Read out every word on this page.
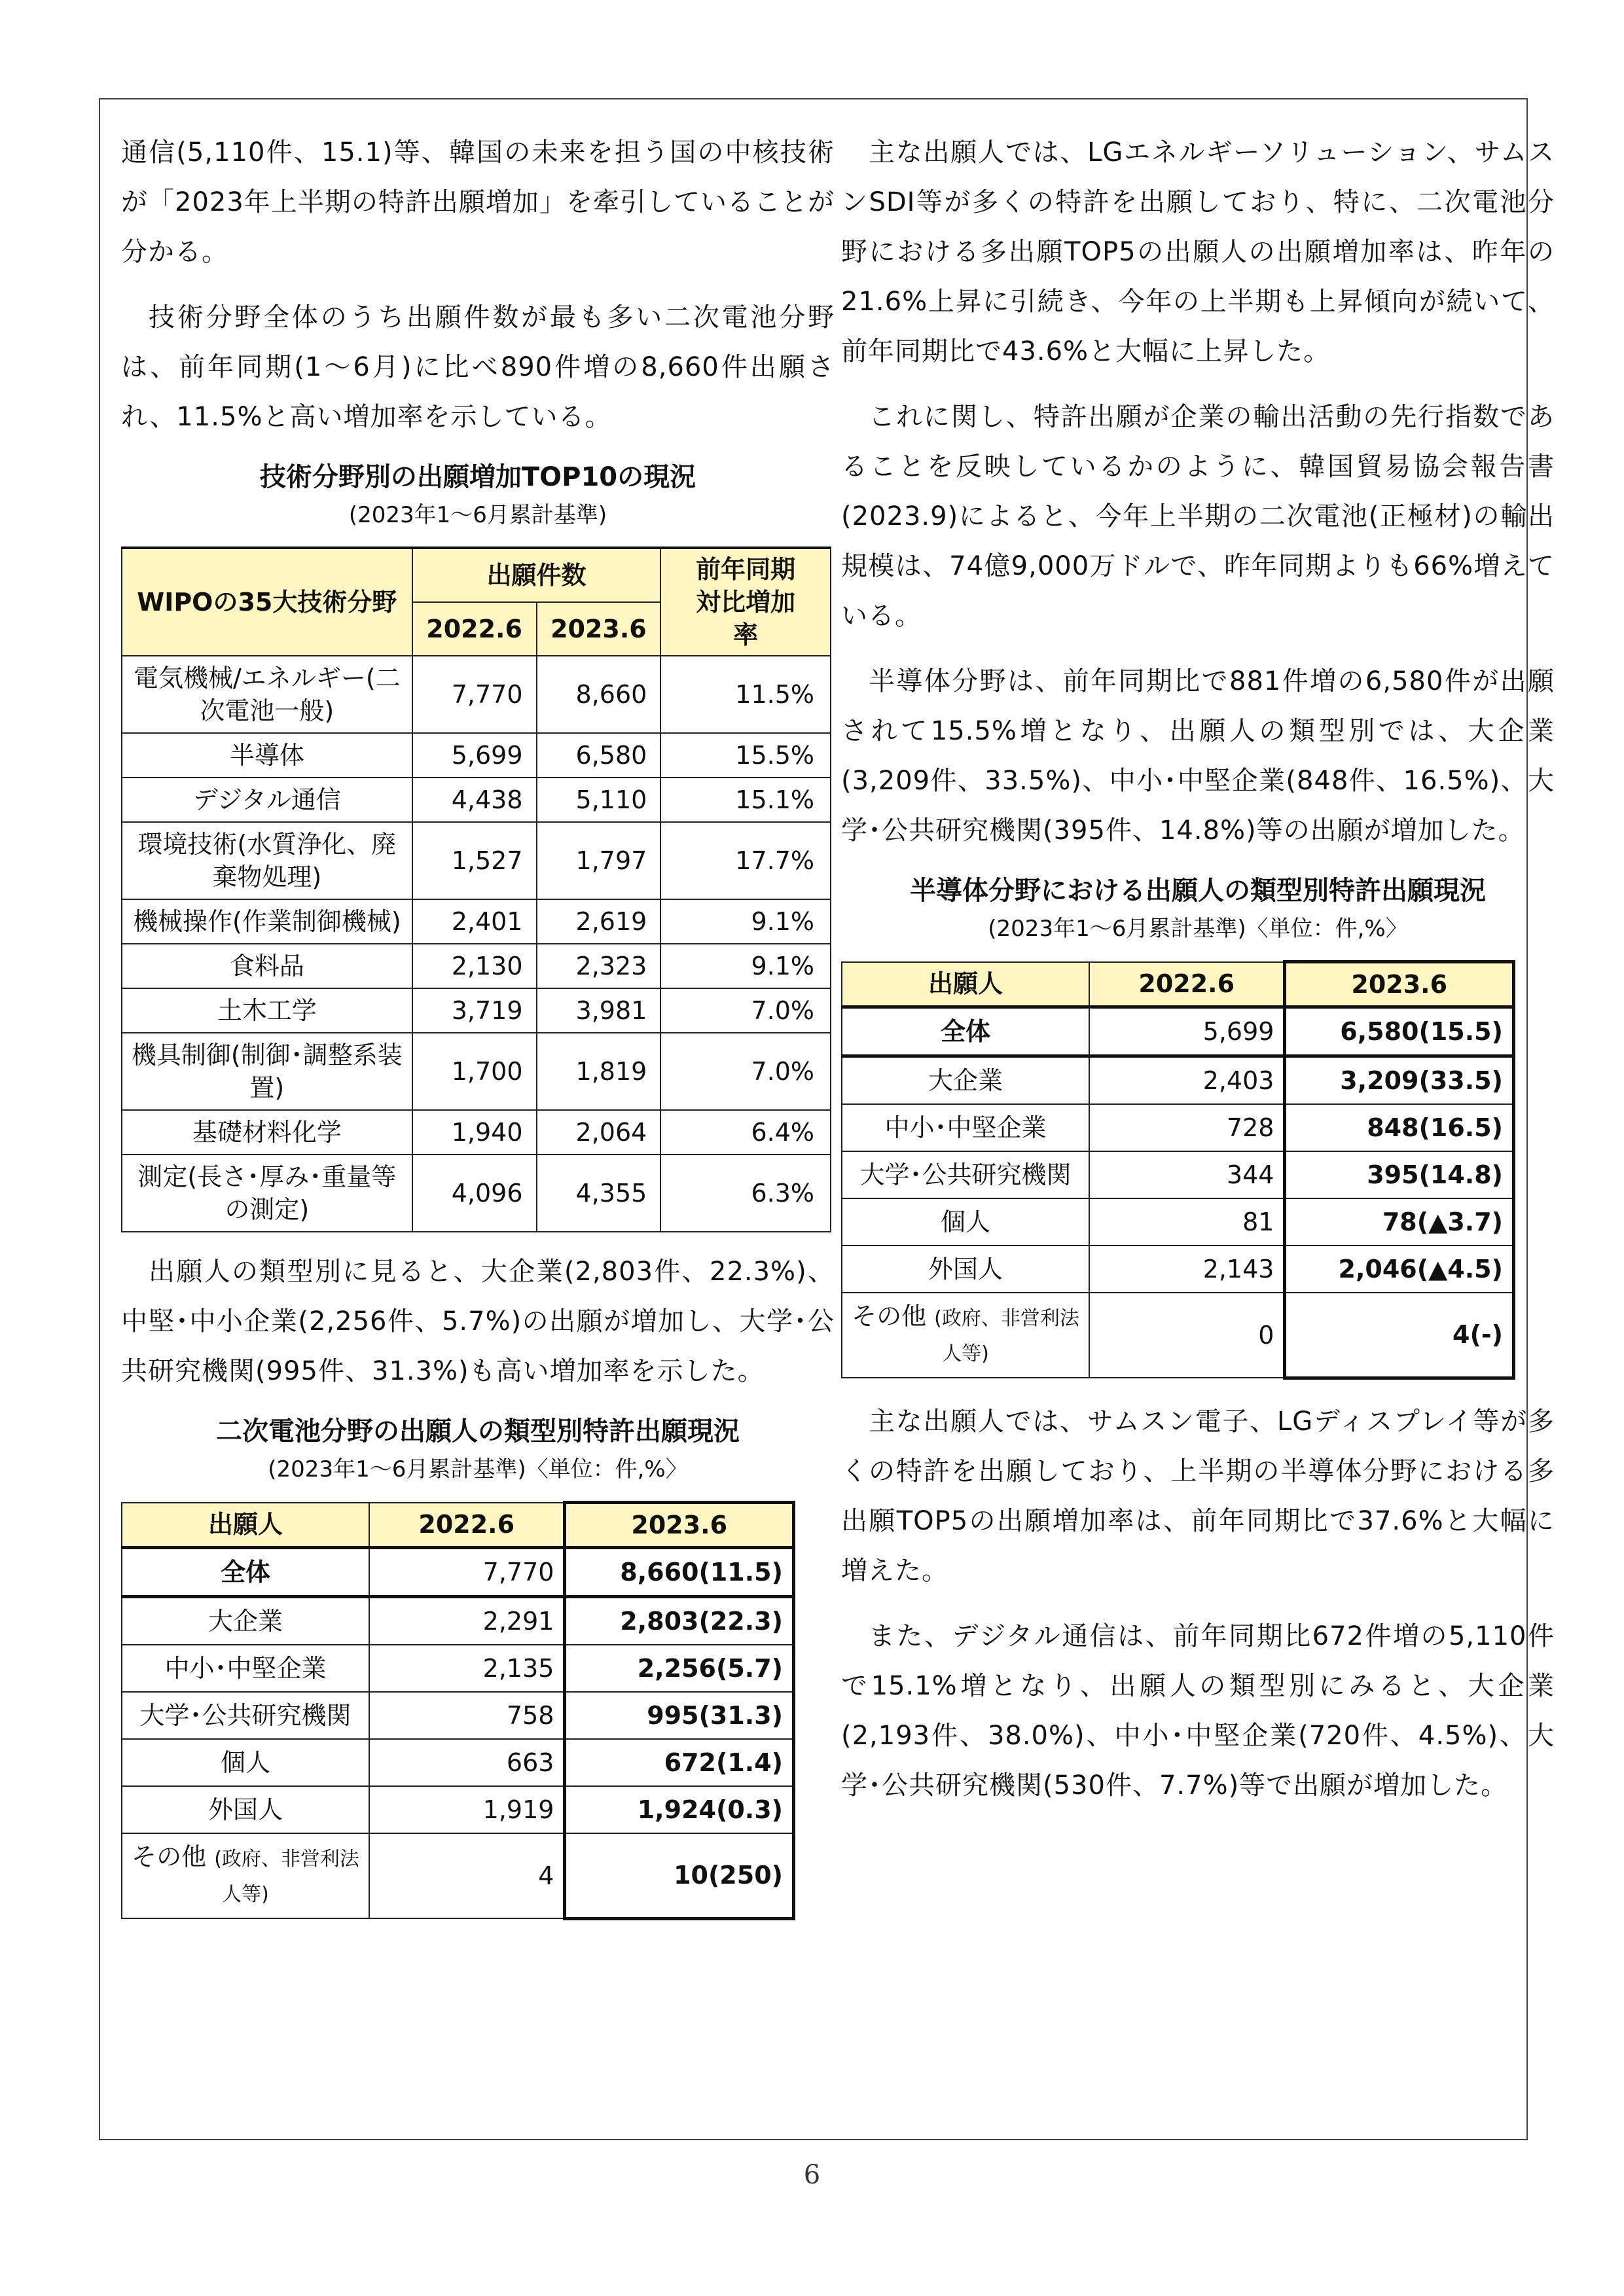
通信(5,110件、15.1)等、韓国の未来を担う国の中核技術が「2023年上半期の特許出願増加」を牽引していることが分かる。

技術分野全体のうち出願件数が最も多い二次電池分野は、前年同期(1～6月)に比べ890件増の8,660件出願され、11.5%と高い増加率を示している。

技術分野別の出願増加TOP10の現況
(2023年1～6月累計基準)
WIPOの35大技術分野	出願件数		前年同期対比増加率
	2022.6	2023.6	
電気機械/エネルギー(二次電池一般)	7,770	8,660	11.5%
半導体	5,699	6,580	15.5%
デジタル通信	4,438	5,110	15.1%
環境技術(水質浄化、廃棄物処理)	1,527	1,797	17.7%
機械操作(作業制御機械)	2,401	2,619	9.1%
食料品	2,130	2,323	9.1%
土木工学	3,719	3,981	7.0%
機具制御(制御･調整系装置)	1,700	1,819	7.0%
基礎材料化学	1,940	2,064	6.4%
測定(長さ･厚み･重量等の測定)	4,096	4,355	6.3%

出願人の類型別に見ると、大企業(2,803件、22.3%)、中堅･中小企業(2,256件、5.7%)の出願が増加し、大学･公共研究機関(995件、31.3%)も高い増加率を示した。

二次電池分野の出願人の類型別特許出願現況
(2023年1～6月累計基準)〈単位：件,%〉
出願人	2022.6	2023.6
全体	7,770	8,660(11.5)
大企業	2,291	2,803(22.3)
中小･中堅企業	2,135	2,256(5.7)
大学･公共研究機関	758	995(31.3)
個人	663	672(1.4)
外国人	1,919	1,924(0.3)
その他 (政府、非営利法人等)	4	10(250)

主な出願人では、LGエネルギーソリューション、サムスンSDI等が多くの特許を出願しており、特に、二次電池分野における多出願TOP5の出願人の出願増加率は、昨年の21.6%上昇に引続き、今年の上半期も上昇傾向が続いて、前年同期比で43.6%と大幅に上昇した。

これに関し、特許出願が企業の輸出活動の先行指数であることを反映しているかのように、韓国貿易協会報告書(2023.9)によると、今年上半期の二次電池(正極材)の輸出規模は、74億9,000万ドルで、昨年同期よりも66%増えている。

半導体分野は、前年同期比で881件増の6,580件が出願されて15.5%増となり、出願人の類型別では、大企業(3,209件、33.5%)、中小･中堅企業(848件、16.5%)、大学･公共研究機関(395件、14.8%)等の出願が増加した。

半導体分野における出願人の類型別特許出願現況
(2023年1～6月累計基準)〈単位：件,%〉
出願人	2022.6	2023.6
全体	5,699	6,580(15.5)
大企業	2,403	3,209(33.5)
中小･中堅企業	728	848(16.5)
大学･公共研究機関	344	395(14.8)
個人	81	78(▲3.7)
外国人	2,143	2,046(▲4.5)
その他 (政府、非営利法人等)	0	4(-)

主な出願人では、サムスン電子、LGディスプレイ等が多くの特許を出願しており、上半期の半導体分野における多出願TOP5の出願増加率は、前年同期比で37.6%と大幅に増えた。

また、デジタル通信は、前年同期比672件増の5,110件で15.1%増となり、出願人の類型別にみると、大企業(2,193件、38.0%)、中小･中堅企業(720件、4.5%)、大学･公共研究機関(530件、7.7%)等で出願が増加した。

6
